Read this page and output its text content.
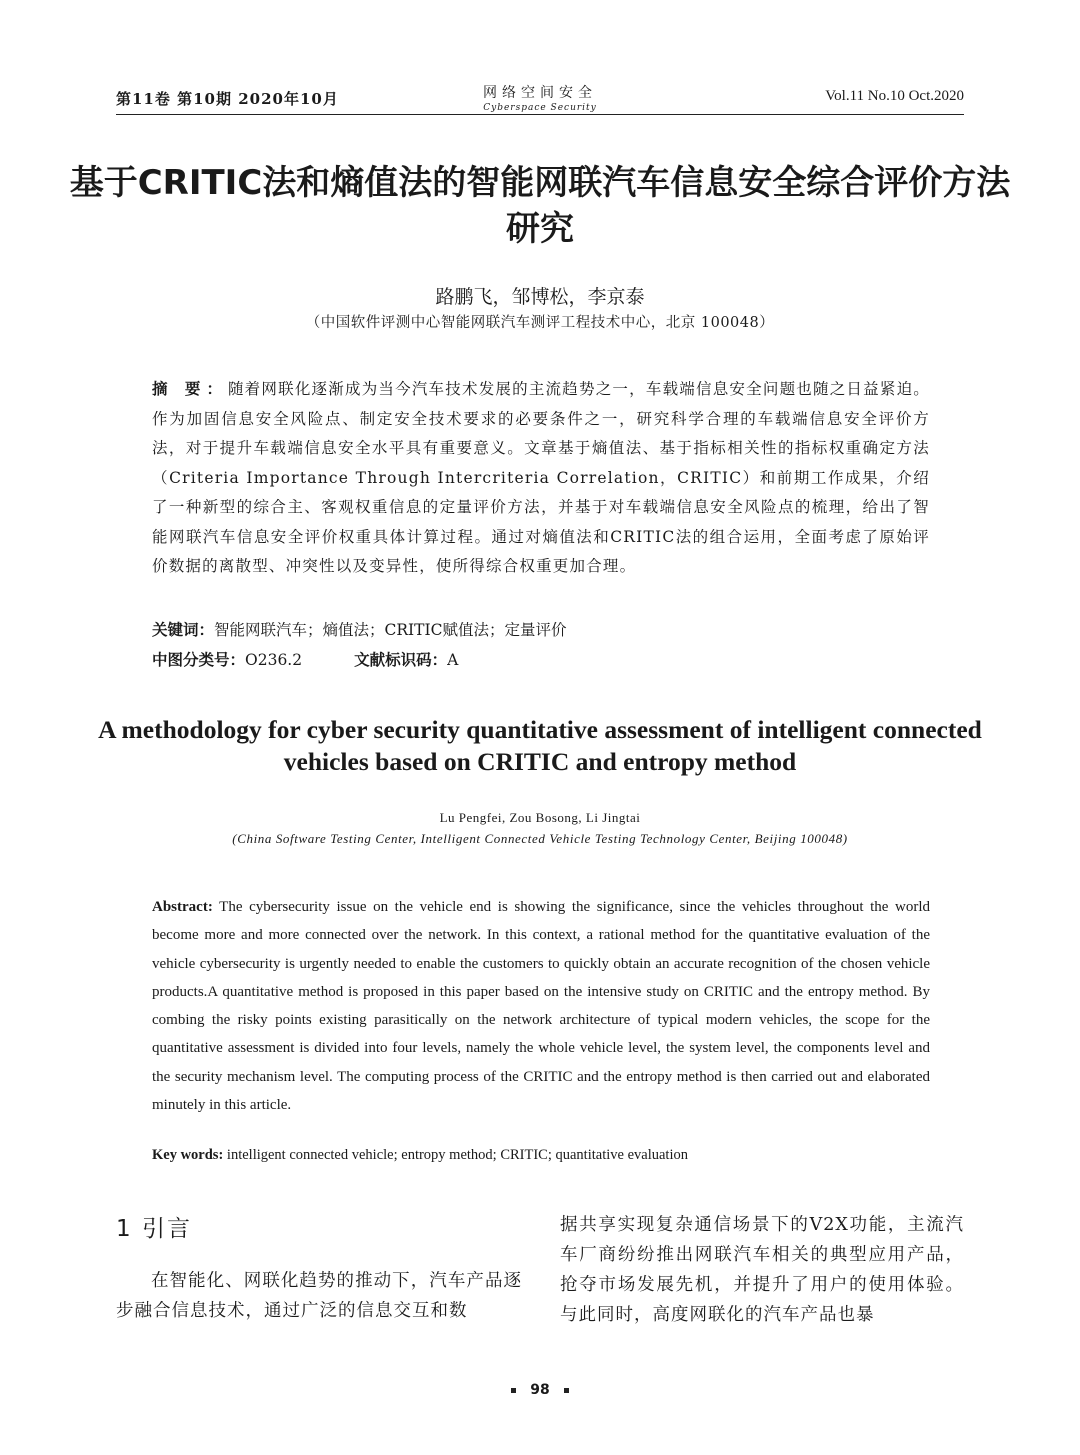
第11卷 第10期 2020年10月	网络空间安全
Cyberspace Security
Vol.11 No.10 Oct.2020
基于CRITIC法和熵值法的智能网联汽车信息安全综合评价方法研究
路鹏飞，邹博松，李京泰
（中国软件评测中心智能网联汽车测评工程技术中心，北京 100048）
摘 要：随着网联化逐渐成为当今汽车技术发展的主流趋势之一，车载端信息安全问题也随之日益紧迫。作为加固信息安全风险点、制定安全技术要求的必要条件之一，研究科学合理的车载端信息安全评价方法，对于提升车载端信息安全水平具有重要意义。文章基于熵值法、基于指标相关性的指标权重确定方法（Criteria Importance Through Intercriteria Correlation，CRITIC）和前期工作成果，介绍了一种新型的综合主、客观权重信息的定量评价方法，并基于对车载端信息安全风险点的梳理，给出了智能网联汽车信息安全评价权重具体计算过程。通过对熵值法和CRITIC法的组合运用，全面考虑了原始评价数据的离散型、冲突性以及变异性，使所得综合权重更加合理。
关键词：智能网联汽车；熵值法；CRITIC赋值法；定量评价
中图分类号：O236.2	文献标识码：A
A methodology for cyber security quantitative assessment of intelligent connected vehicles based on CRITIC and entropy method
Lu Pengfei, Zou Bosong, Li Jingtai
(China Software Testing Center, Intelligent Connected Vehicle Testing Technology Center, Beijing 100048)
Abstract: The cybersecurity issue on the vehicle end is showing the significance, since the vehicles throughout the world become more and more connected over the network. In this context, a rational method for the quantitative evaluation of the vehicle cybersecurity is urgently needed to enable the customers to quickly obtain an accurate recognition of the chosen vehicle products.A quantitative method is proposed in this paper based on the intensive study on CRITIC and the entropy method. By combing the risky points existing parasitically on the network architecture of typical modern vehicles, the scope for the quantitative assessment is divided into four levels, namely the whole vehicle level, the system level, the components level and the security mechanism level. The computing process of the CRITIC and the entropy method is then carried out and elaborated minutely in this article.
Key words: intelligent connected vehicle; entropy method; CRITIC; quantitative evaluation
1 引言
在智能化、网联化趋势的推动下，汽车产品逐步融合信息技术，通过广泛的信息交互和数
据共享实现复杂通信场景下的V2X功能，主流汽车厂商纷纷推出网联汽车相关的典型应用产品，抢夺市场发展先机，并提升了用户的使用体验。与此同时，高度网联化的汽车产品也暴
98
